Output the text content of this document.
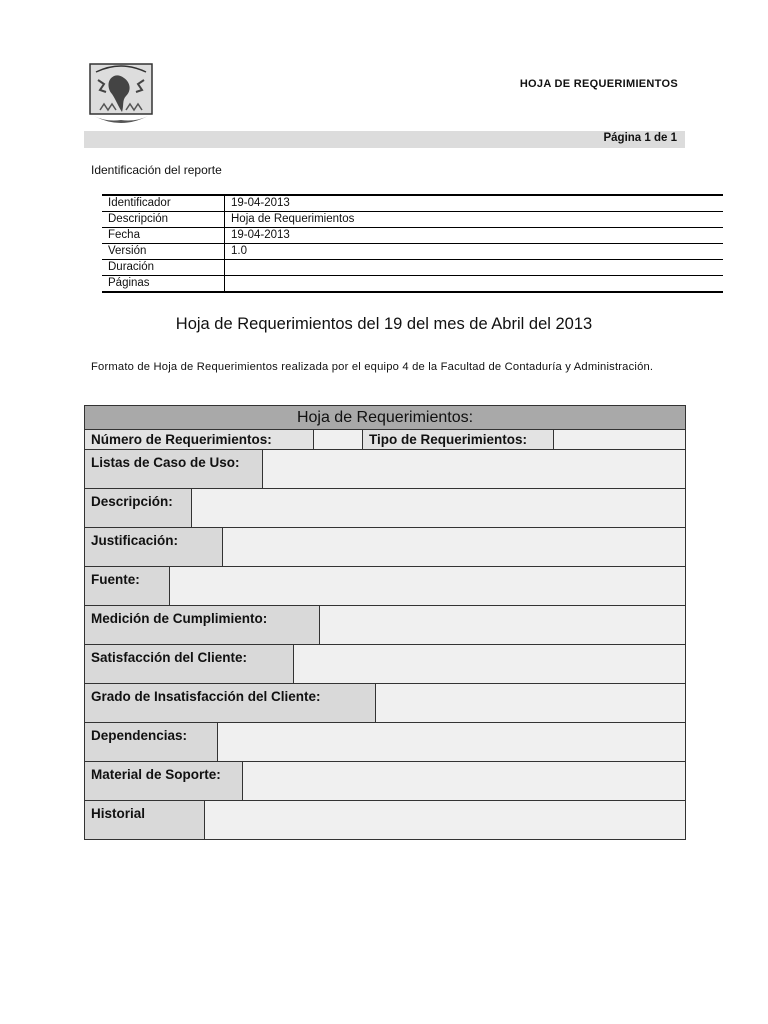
HOJA DE REQUERIMIENTOS
Página 1 de 1
Identificación del reporte
Identificador	19-04-2013
Descripción	Hoja de Requerimientos
Fecha	19-04-2013
Versión	1.0
Duración	
Páginas	
Hoja de Requerimientos del 19 del mes de Abril del 2013
Formato de Hoja de Requerimientos realizada por el equipo 4 de la Facultad de Contaduría y Administración.
Hoja de Requerimientos:
Número de Requerimientos:	Tipo de Requerimientos:
Listas de Caso de Uso:
Descripción:
Justificación:
Fuente:
Medición de Cumplimiento:
Satisfacción del Cliente:
Grado de Insatisfacción del Cliente:
Dependencias:
Material de Soporte:
Historial
